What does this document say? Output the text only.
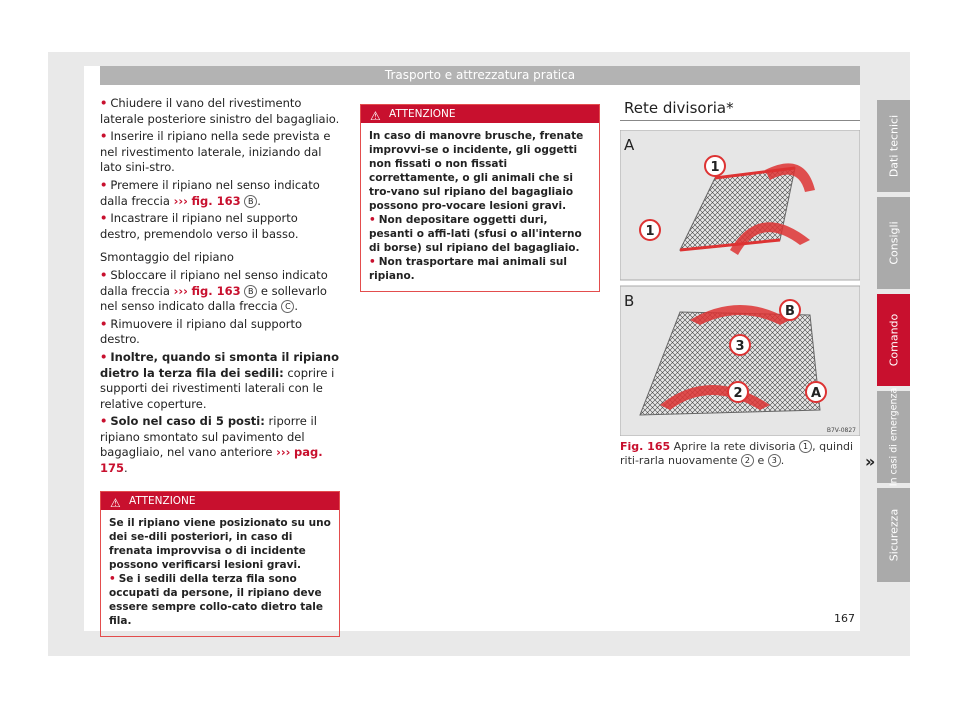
Trasporto e attrezzatura pratica
• Chiudere il vano del rivestimento laterale posteriore sinistro del bagagliaio.
• Inserire il ripiano nella sede prevista e nel rivestimento laterale, iniziando dal lato sini-stro.
• Premere il ripiano nel senso indicato dalla freccia ››› fig. 163 B .
• Incastrare il ripiano nel supporto destro, premendolo verso il basso.
Smontaggio del ripiano
• Sbloccare il ripiano nel senso indicato dalla freccia ››› fig. 163 B e sollevarlo nel senso indicato dalla freccia C .
• Rimuovere il ripiano dal supporto destro.
• Inoltre, quando si smonta il ripiano dietro la terza fila dei sedili: coprire i supporti dei rivestimenti laterali con le relative coperture.
• Solo nel caso di 5 posti: riporre il ripiano smontato sul pavimento del bagagliaio, nel vano anteriore ››› pag. 175.
⚠ ATTENZIONE
Se il ripiano viene posizionato su uno dei se-dili posteriori, in caso di frenata improvvisa o di incidente possono verificarsi lesioni gravi.
• Se i sedili della terza fila sono occupati da persone, il ripiano deve essere sempre collo-cato dietro tale fila.
⚠ ATTENZIONE
In caso di manovre brusche, frenate improvvi-se o incidente, gli oggetti non fissati o non fissati correttamente, o gli animali che si tro-vano sul ripiano del bagagliaio possono pro-vocare lesioni gravi.
• Non depositare oggetti duri, pesanti o affi-lati (sfusi o all'interno di borse) sul ripiano del bagagliaio.
• Non trasportare mai animali sul ripiano.
Rete divisoria*
A
1
1
B
B
3
2	A
B7V-0827
Fig. 165 Aprire la rete divisoria 1 , quindi riti-rarla nuovamente 2 e 3 .	»
Dati tecnici
Consigli
Comando
In casi di emergenza
Sicurezza
167
